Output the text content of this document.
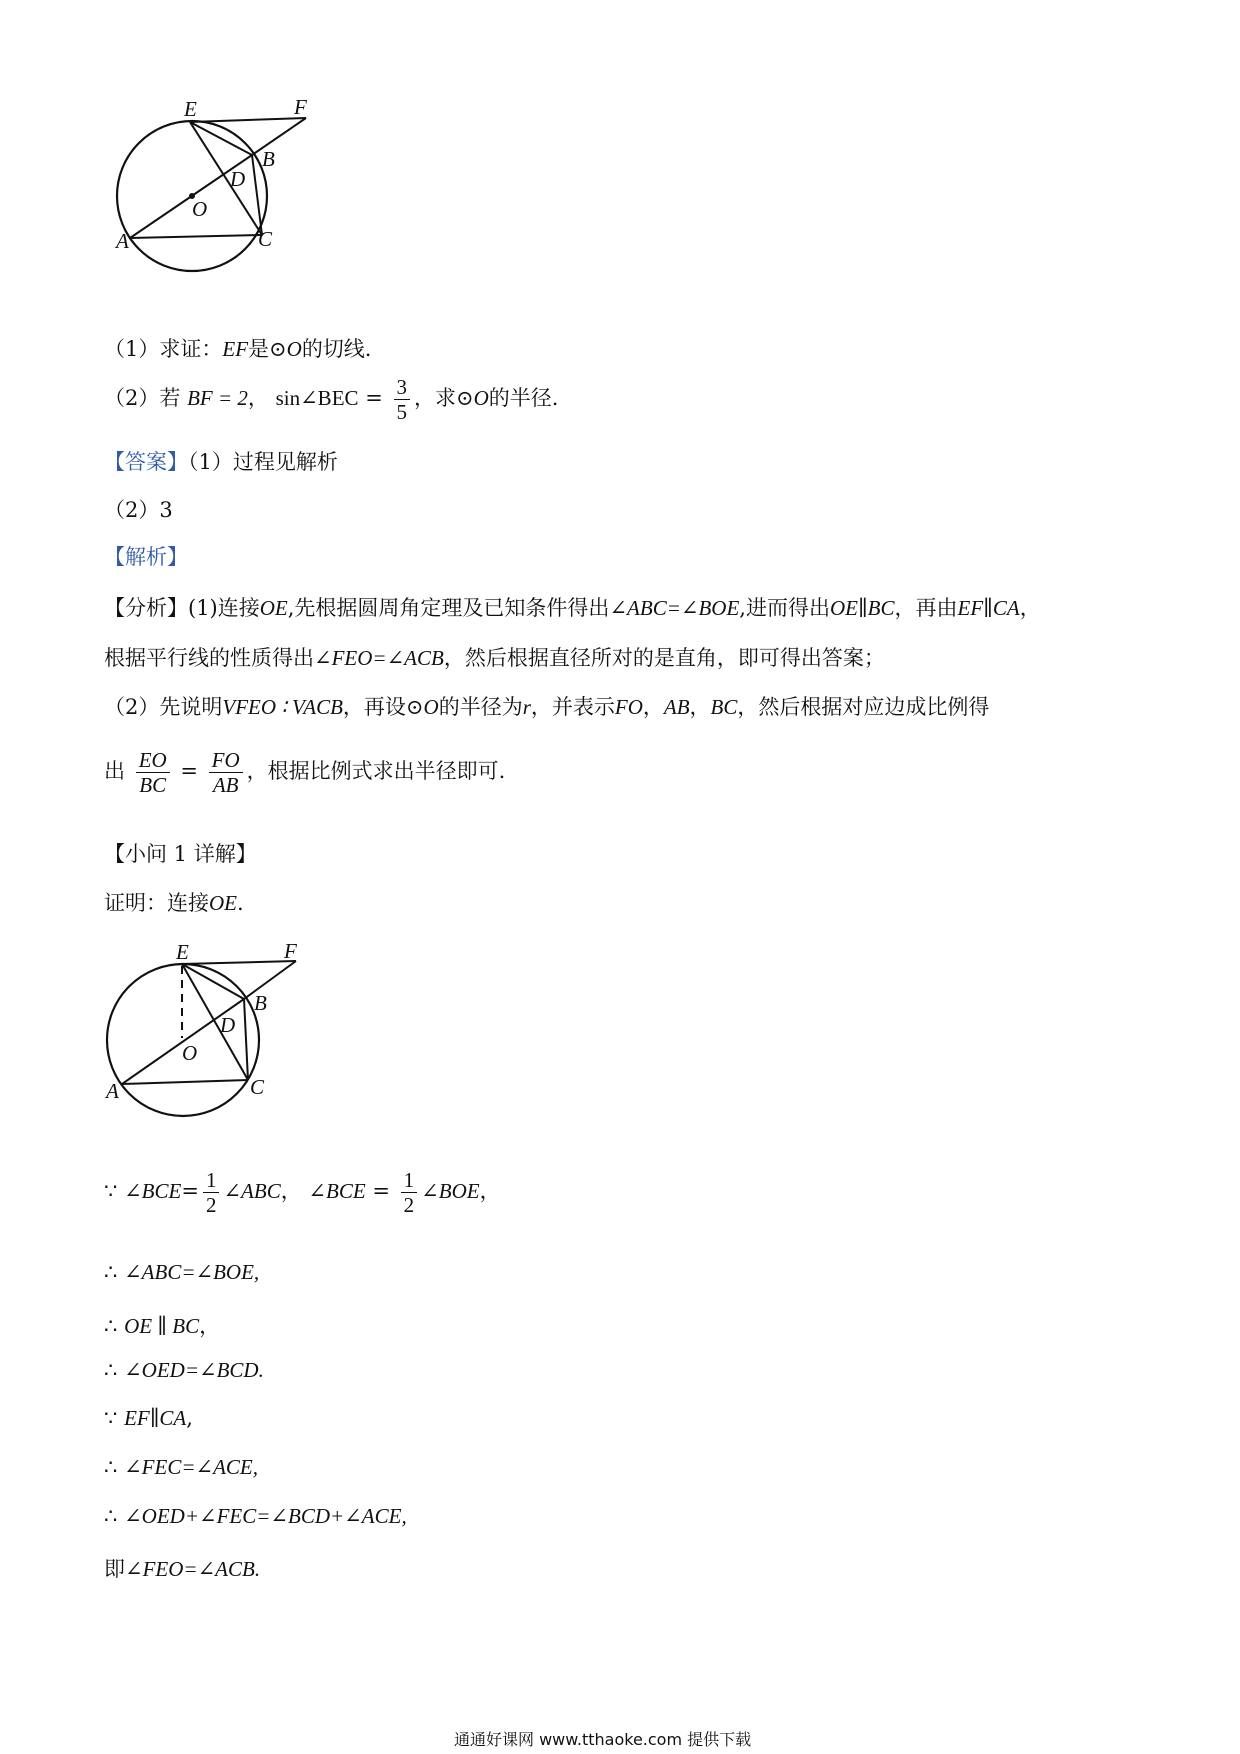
E	F
B
D
O
A	C
（1）求证：EF是⊙O的切线.
（2）若 BF = 2， sin∠BEC = $\frac{3}{5}$ ，求⊙O的半径.
【答案】（1）过程见解析
（2）3
【解析】
【分析】(1)连接OE,先根据圆周角定理及已知条件得出∠ABC=∠BOE,进而得出OE∥BC，再由EF∥CA，
根据平行线的性质得出∠FEO=∠ACB，然后根据直径所对的是直角，即可得出答案；
（2）先说明VFEO ∶ VACB，再设⊙O的半径为r，并表示FO，AB，BC，然后根据对应边成比例得
出 $\frac{EO}{BC} = \frac{FO}{AB}$ ，根据比例式求出半径即可.
【小问 1 详解】
证明：连接OE.
E	F
B
D
O
A	C
∵ ∠BCE= $\frac{1}{2}$ ∠ABC， ∠BCE = $\frac{1}{2}$ ∠BOE，
∴ ∠ABC=∠BOE,
∴ OE ∥ BC，
∴ ∠OED=∠BCD.
∵ EF∥CA,
∴ ∠FEC=∠ACE,
∴ ∠OED+∠FEC=∠BCD+∠ACE,
即∠FEO=∠ACB.
通通好课网 www.tthaoke.com 提供下载
